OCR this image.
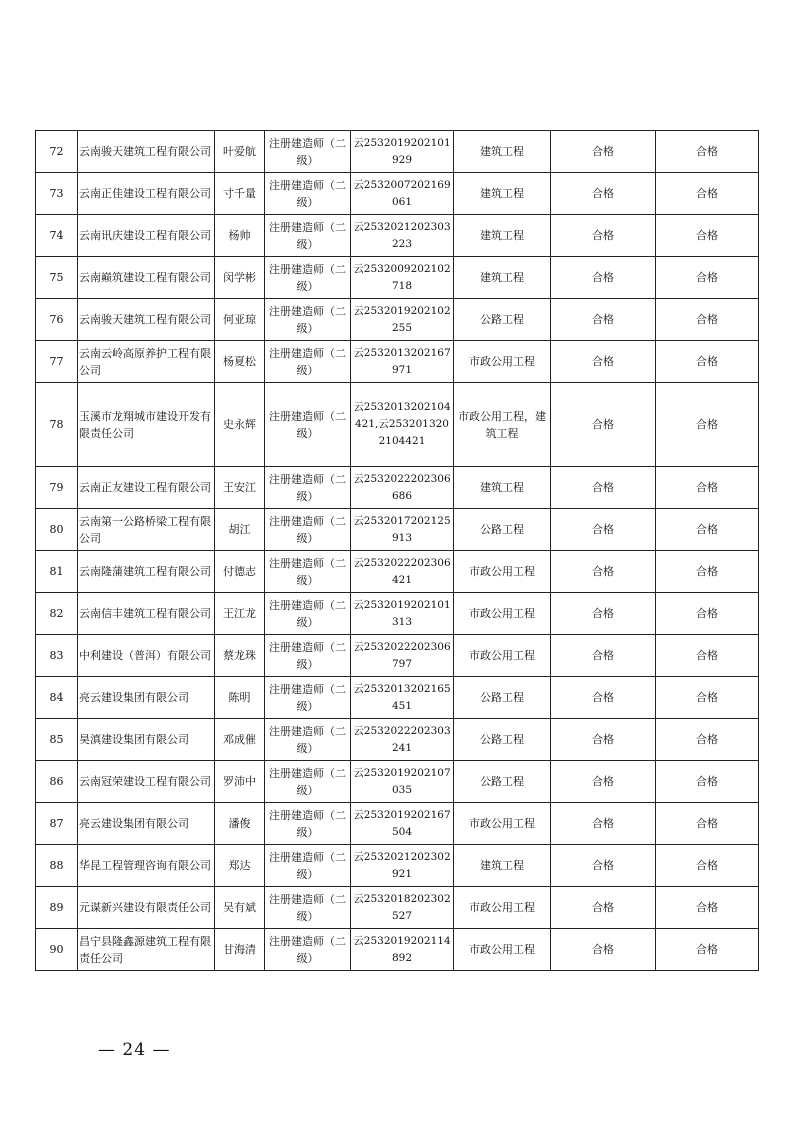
72	云南骏天建筑工程有限公司	叶爱航	注册建造师（二级）	云2532019202101929	建筑工程	合格	合格
73	云南正佳建设工程有限公司	寸千量	注册建造师（二级）	云2532007202169061	建筑工程	合格	合格
74	云南讯庆建设工程有限公司	杨帅	注册建造师（二级）	云2532021202303223	建筑工程	合格	合格
75	云南巅筑建设工程有限公司	闵学彬	注册建造师（二级）	云2532009202102718	建筑工程	合格	合格
76	云南骏天建筑工程有限公司	何亚琼	注册建造师（二级）	云2532019202102255	公路工程	合格	合格
77	云南云岭高原养护工程有限公司	杨夏松	注册建造师（二级）	云2532013202167971	市政公用工程	合格	合格
78	玉溪市龙翔城市建设开发有限责任公司	史永辉	注册建造师（二级）	云2532013202104421,云2532013202104421	市政公用工程，建筑工程	合格	合格
79	云南正友建设工程有限公司	王安江	注册建造师（二级）	云2532022202306686	建筑工程	合格	合格
80	云南第一公路桥梁工程有限公司	胡江	注册建造师（二级）	云2532017202125913	公路工程	合格	合格
81	云南隆蒲建筑工程有限公司	付德志	注册建造师（二级）	云2532022202306421	市政公用工程	合格	合格
82	云南信丰建筑工程有限公司	王江龙	注册建造师（二级）	云2532019202101313	市政公用工程	合格	合格
83	中利建设（普洱）有限公司	蔡龙珠	注册建造师（二级）	云2532022202306797	市政公用工程	合格	合格
84	亮云建设集团有限公司	陈明	注册建造师（二级）	云2532013202165451	公路工程	合格	合格
85	昊滇建设集团有限公司	邓成催	注册建造师（二级）	云2532022202303241	公路工程	合格	合格
86	云南冠荣建设工程有限公司	罗沛中	注册建造师（二级）	云2532019202107035	公路工程	合格	合格
87	亮云建设集团有限公司	潘俊	注册建造师（二级）	云2532019202167504	市政公用工程	合格	合格
88	华昆工程管理咨询有限公司	郑达	注册建造师（二级）	云2532021202302921	建筑工程	合格	合格
89	元谋新兴建设有限责任公司	吴有斌	注册建造师（二级）	云2532018202302527	市政公用工程	合格	合格
90	昌宁县隆鑫源建筑工程有限责任公司	甘海清	注册建造师（二级）	云2532019202114892	市政公用工程	合格	合格
— 24 —
